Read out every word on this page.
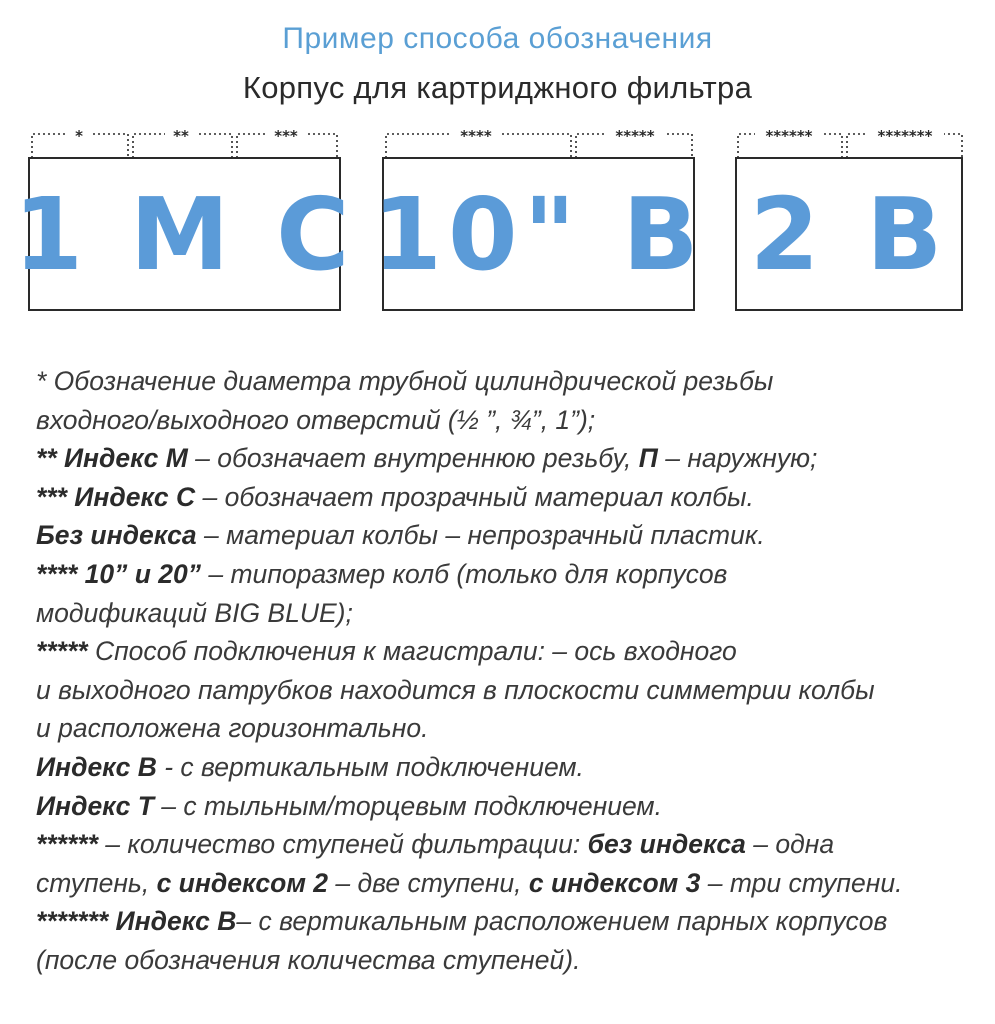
Пример способа обозначения
Корпус для картриджного фильтра
*	**	***	****	*****	******	*******
1 M C 10" B 2 B
* Обозначение диаметра трубной цилиндрической резьбы
входного/выходного отверстий (½ ”, ¾”, 1”);
** Индекс М – обозначает внутреннюю резьбу, П – наружную;
*** Индекс С – обозначает прозрачный материал колбы.
Без индекса – материал колбы – непрозрачный пластик.
**** 10” и 20” – типоразмер колб (только для корпусов
модификаций BIG BLUE);
***** Способ подключения к магистрали: – ось входного
и выходного патрубков находится в плоскости симметрии колбы
и расположена горизонтально.
Индекс В - с вертикальным подключением.
Индекс Т – с тыльным/торцевым подключением.
****** – количество ступеней фильтрации: без индекса – одна
ступень, с индексом 2 – две ступени, с индексом 3 – три ступени.
******* Индекс В– с вертикальным расположением парных корпусов
(после обозначения количества ступеней).
